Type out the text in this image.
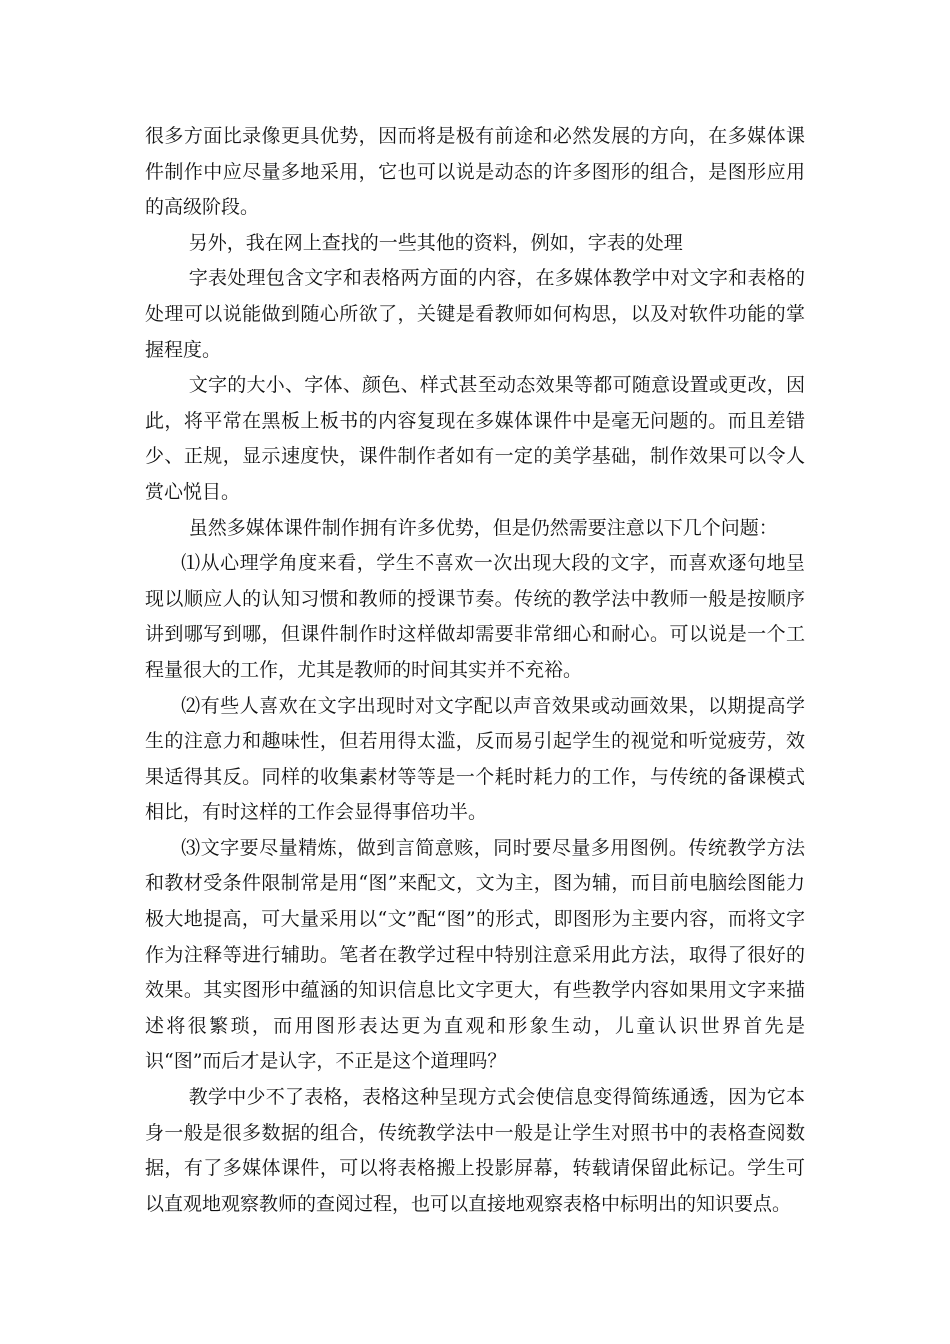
很多方面比录像更具优势，因而将是极有前途和必然发展的方向，在多媒体课件制作中应尽量多地采用，它也可以说是动态的许多图形的组合，是图形应用的高级阶段。

另外，我在网上查找的一些其他的资料，例如，字表的处理

字表处理包含文字和表格两方面的内容，在多媒体教学中对文字和表格的处理可以说能做到随心所欲了，关键是看教师如何构思，以及对软件功能的掌握程度。

文字的大小、字体、颜色、样式甚至动态效果等都可随意设置或更改，因此，将平常在黑板上板书的内容复现在多媒体课件中是毫无问题的。而且差错少、正规，显示速度快，课件制作者如有一定的美学基础，制作效果可以令人赏心悦目。

虽然多媒体课件制作拥有许多优势，但是仍然需要注意以下几个问题：

⑴从心理学角度来看，学生不喜欢一次出现大段的文字，而喜欢逐句地呈现以顺应人的认知习惯和教师的授课节奏。传统的教学法中教师一般是按顺序讲到哪写到哪，但课件制作时这样做却需要非常细心和耐心。可以说是一个工程量很大的工作，尤其是教师的时间其实并不充裕。

⑵有些人喜欢在文字出现时对文字配以声音效果或动画效果，以期提高学生的注意力和趣味性，但若用得太滥，反而易引起学生的视觉和听觉疲劳，效果适得其反。同样的收集素材等等是一个耗时耗力的工作，与传统的备课模式相比，有时这样的工作会显得事倍功半。

⑶文字要尽量精炼，做到言简意赅，同时要尽量多用图例。传统教学方法和教材受条件限制常是用“图”来配文，文为主，图为辅，而目前电脑绘图能力极大地提高，可大量采用以“文”配“图”的形式，即图形为主要内容，而将文字作为注释等进行辅助。笔者在教学过程中特别注意采用此方法，取得了很好的效果。其实图形中蕴涵的知识信息比文字更大，有些教学内容如果用文字来描述将很繁琐，而用图形表达更为直观和形象生动，儿童认识世界首先是识“图”而后才是认字，不正是这个道理吗？

教学中少不了表格，表格这种呈现方式会使信息变得简练通透，因为它本身一般是很多数据的组合，传统教学法中一般是让学生对照书中的表格查阅数据，有了多媒体课件，可以将表格搬上投影屏幕，转载请保留此标记。学生可以直观地观察教师的查阅过程，也可以直接地观察表格中标明出的知识要点。
